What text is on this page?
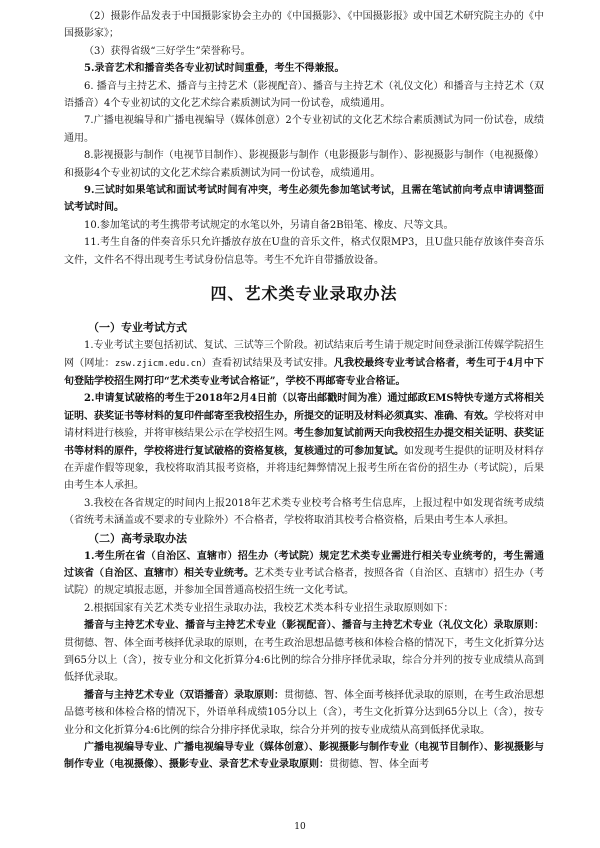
（2）摄影作品发表于中国摄影家协会主办的《中国摄影》、《中国摄影报》或中国艺术研究院主办的《中国摄影家》；

（3）获得省级“三好学生”荣誉称号。

5.录音艺术和播音类各专业初试时间重叠，考生不得兼报。

6. 播音与主持艺术、播音与主持艺术（影视配音）、播音与主持艺术（礼仪文化）和播音与主持艺术（双语播音）4个专业初试的文化艺术综合素质测试为同一份试卷，成绩通用。

7.广播电视编导和广播电视编导（媒体创意）2个专业初试的文化艺术综合素质测试为同一份试卷，成绩通用。

8.影视摄影与制作（电视节目制作）、影视摄影与制作（电影摄影与制作）、影视摄影与制作（电视摄像）和摄影4个专业初试的文化艺术综合素质测试为同一份试卷，成绩通用。

9.三试时如果笔试和面试考试时间有冲突，考生必须先参加笔试考试，且需在笔试前向考点申请调整面试考试时间。

10.参加笔试的考生携带考试规定的水笔以外，另请自备2B铅笔、橡皮、尺等文具。

11.考生自备的伴奏音乐只允许播放存放在U盘的音乐文件，格式仅限MP3，且U盘只能存放该伴奏音乐文件，文件名不得出现考生考试身份信息等。考生不允许自带播放设备。

四、艺术类专业录取办法
（一）专业考试方式

1.专业考试主要包括初试、复试、三试等三个阶段。初试结束后考生请于规定时间登录浙江传媒学院招生网（网址：zsw.zjicm.edu.cn）查看初试结果及考试安排。凡我校最终专业考试合格者，考生可于4月中下旬登陆学校招生网打印“艺术类专业考试合格证”，学校不再邮寄专业合格证。

2.申请复试破格的考生于2018年2月4日前（以寄出邮戳时间为准）通过邮政EMS特快专递方式将相关证明、获奖证书等材料的复印件邮寄至我校招生办，所提交的证明及材料必须真实、准确、有效。学校将对申请材料进行核验，并将审核结果公示在学校招生网。考生参加复试前两天向我校招生办提交相关证明、获奖证书等材料的原件，学校将进行复试破格的资格复核，复核通过的可参加复试。如发现考生提供的证明及材料存在弄虚作假等现象，我校将取消其报考资格，并将违纪舞弊情况上报考生所在省份的招生办（考试院），后果由考生本人承担。

3.我校在各省规定的时间内上报2018年艺术类专业校考合格考生信息库，上报过程中如发现省统考成绩（省统考未涵盖或不要求的专业除外）不合格者，学校将取消其校考合格资格，后果由考生本人承担。

（二）高考录取办法

1.考生所在省（自治区、直辖市）招生办（考试院）规定艺术类专业需进行相关专业统考的，考生需通过该省（自治区、直辖市）相关专业统考。艺术类专业考试合格者，按照各省（自治区、直辖市）招生办（考试院）的规定填报志愿，并参加全国普通高校招生统一文化考试。

2.根据国家有关艺术类专业招生录取办法，我校艺术类本科专业招生录取原则如下：

播音与主持艺术专业、播音与主持艺术专业（影视配音）、播音与主持艺术专业（礼仪文化）录取原则：贯彻德、智、体全面考核择优录取的原则，在考生政治思想品德考核和体检合格的情况下，考生文化折算分达到65分以上（含），按专业分和文化折算分4:6比例的综合分排序择优录取，综合分并列的按专业成绩从高到低择优录取。

播音与主持艺术专业（双语播音）录取原则：贯彻德、智、体全面考核择优录取的原则，在考生政治思想品德考核和体检合格的情况下，外语单科成绩105分以上（含），考生文化折算分达到65分以上（含），按专业分和文化折算分4:6比例的综合分排序择优录取，综合分并列的按专业成绩从高到低择优录取。

广播电视编导专业、广播电视编导专业（媒体创意）、影视摄影与制作专业（电视节目制作）、影视摄影与制作专业（电视摄像）、摄影专业、录音艺术专业录取原则：贯彻德、智、体全面考

10
